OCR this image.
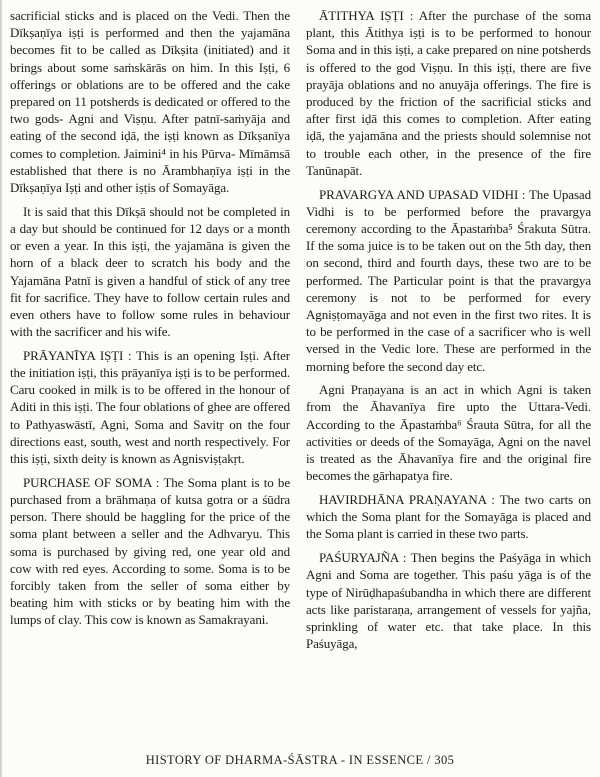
sacrificial sticks and is placed on the Vedi. Then the Dīkṣaṇīya iṣṭi is performed and then the yajamāna becomes fit to be called as Dīkṣita (initiated) and it brings about some saṁskārās on him. In this Iṣṭi, 6 offerings or oblations are to be offered and the cake prepared on 11 potsherds is dedicated or offered to the two gods- Agni and Viṣṇu. After patnī-saṁyāja and eating of the second iḍā, the iṣṭi known as Dīkṣanīya comes to completion. Jaimini⁴ in his Pūrva- Mīmāmsā established that there is no Ārambhaṇīya iṣṭi in the Dīkṣaṇīya Iṣṭi and other iṣṭis of Somayāga.

It is said that this Dīkṣā should not be completed in a day but should be continued for 12 days or a month or even a year. In this iṣṭi, the yajamāna is given the horn of a black deer to scratch his body and the Yajamāna Patnī is given a handful of stick of any tree fit for sacrifice. They have to follow certain rules and even others have to follow some rules in behaviour with the sacrificer and his wife.

PRĀYANĪYA IṢṬI : This is an opening Iṣṭi. After the initiation iṣṭi, this prāyanīya iṣṭi is to be performed. Caru cooked in milk is to be offered in the honour of Aditi in this iṣṭi. The four oblations of ghee are offered to Pathyaswāstī, Agni, Soma and Savitṛ on the four directions east, south, west and north respectively. For this iṣṭi, sixth deity is known as Agnisviṣṭakṛt.

PURCHASE OF SOMA : The Soma plant is to be purchased from a brāhmaṇa of kutsa gotra or a śūdra person. There should be haggling for the price of the soma plant between a seller and the Adhvaryu. This soma is purchased by giving red, one year old and cow with red eyes. According to some. Soma is to be forcibly taken from the seller of soma either by beating him with sticks or by beating him with the lumps of clay. This cow is known as Samakrayani.

ĀTITHYA IṢṬI : After the purchase of the soma plant, this Ātithya iṣṭi is to be performed to honour Soma and in this iṣṭi, a cake prepared on nine potsherds is offered to the god Viṣṇu. In this iṣṭi, there are five prayāja oblations and no anuyāja offerings. The fire is produced by the friction of the sacrificial sticks and after first iḍā this comes to completion. After eating iḍā, the yajamāna and the priests should solemnise not to trouble each other, in the presence of the fire Tanūnapāt.

PRAVARGYA AND UPASAD VIDHI : The Upasad Vidhi is to be performed before the pravargya ceremony according to the Āpastaṁba⁵ Śrakuta Sūtra. If the soma juice is to be taken out on the 5th day, then on second, third and fourth days, these two are to be performed. The Particular point is that the pravargya ceremony is not to be performed for every Agniṣṭomayāga and not even in the first two rites. It is to be performed in the case of a sacrificer who is well versed in the Vedic lore. These are performed in the morning before the second day etc.

Agni Praṇayana is an act in which Agni is taken from the Āhavanīya fire upto the Uttara-Vedi. According to the Āpastaṁba⁶ Śrauta Sūtra, for all the activities or deeds of the Somayāga, Agni on the navel is treated as the Āhavanīya fire and the original fire becomes the gārhapatya fire.

HAVIRDHĀNA PRAṆAYANA : The two carts on which the Soma plant for the Somayāga is placed and the Soma plant is carried in these two parts.

PAŚURYAJÑA : Then begins the Paśyāga in which Agni and Soma are together. This paśu yāga is of the type of Nirūḍhapaśubandha in which there are different acts like paristaraṇa, arrangement of vessels for yajña, sprinkling of water etc. that take place. In this Paśuyāga,

HISTORY OF DHARMA-ŚĀSTRA - IN ESSENCE / 305
